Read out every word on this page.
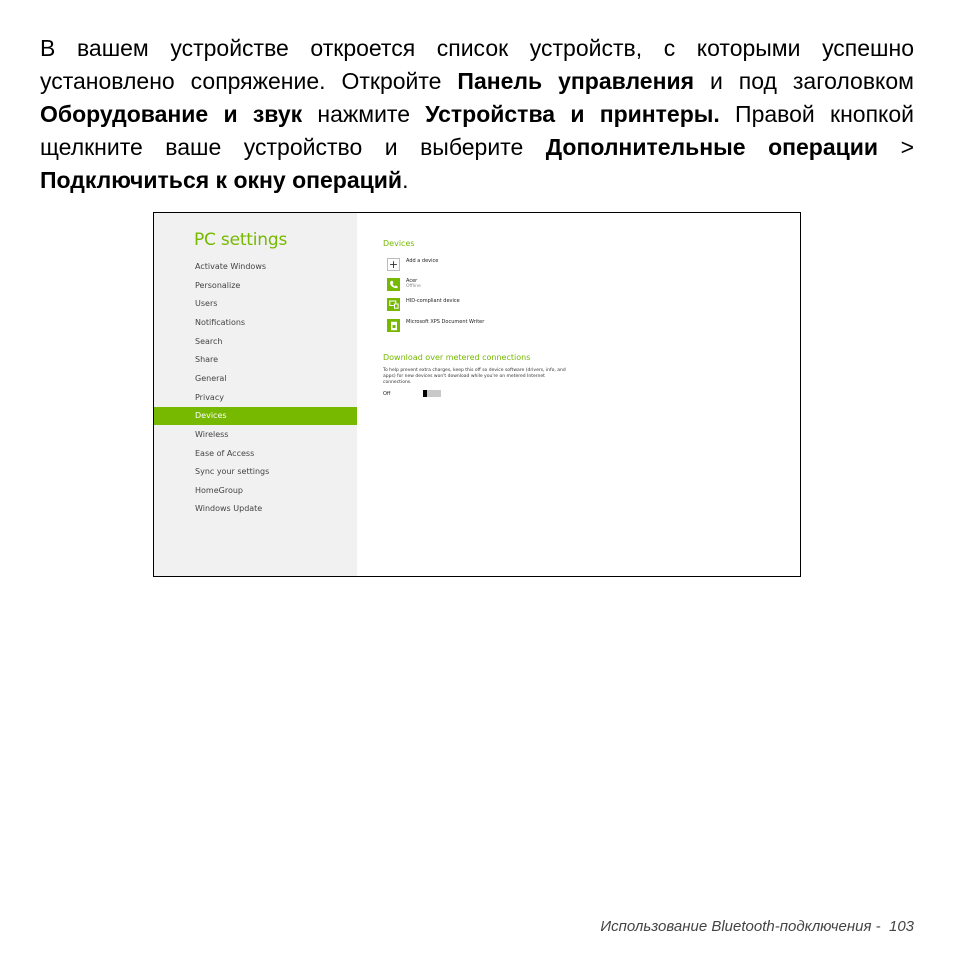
В вашем устройстве откроется список устройств, с которыми успешно установлено сопряжение. Откройте Панель управления и под заголовком Оборудование и звук нажмите Устройства и принтеры. Правой кнопкой щелкните ваше устройство и выберите Дополнительные операции > Подключиться к окну операций.

PC settings
Activate Windows
Personalize
Users
Notifications
Search
Share
General
Privacy
Devices
Wireless
Ease of Access
Sync your settings
HomeGroup
Windows Update
Devices
+	Add a device
Acer
Offline
HID-compliant device
Microsoft XPS Document Writer
Download over metered connections
To help prevent extra charges, keep this off so device software (drivers, info, and apps) for new devices won't download while you're on metered Internet connections.
Off
Использование Bluetooth-подключения -  103
